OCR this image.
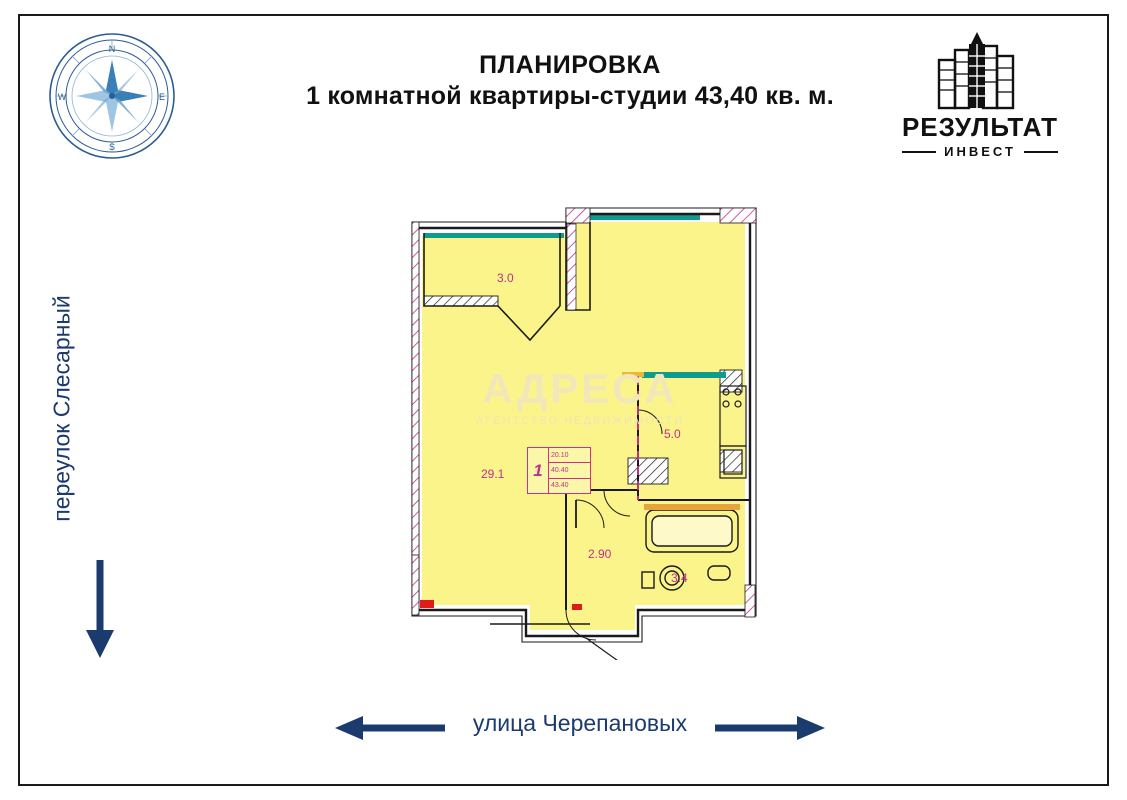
N
S
E
W
ПЛАНИРОВКА
1 комнатной квартиры-студии 43,40 кв. м.
РЕЗУЛЬТАТ
ИНВЕСТ
переулок Слесарный
улица Черепановых
АДРЕСА
АГЕНТСТВО НЕДВИЖИМОСТИ
3.0
29.1
5.0
2.90
3.4
1
20.10
40.40
43.40
